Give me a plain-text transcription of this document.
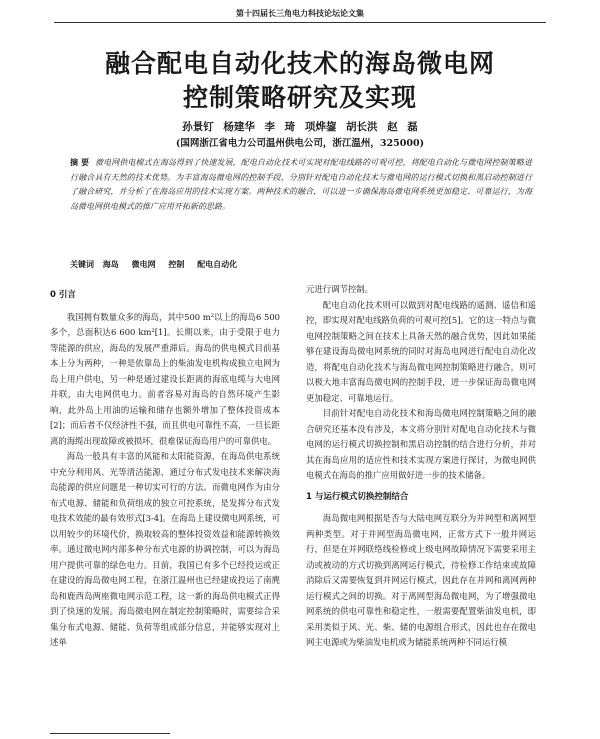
第十四届长三角电力科技论坛论文集
融合配电自动化技术的海岛微电网
控制策略研究及实现
孙景钉 杨建华 李 琦 项烨鋆 胡长洪 赵 磊
(国网浙江省电力公司温州供电公司，浙江温州，325000)
摘 要 微电网供电模式在海岛得到了快速发展，配电自动化技术可实现对配电线路的可观可控，将配电自动化与微电网控制策略进行融合具有天然的技术优势。为丰富海岛微电网的控制手段，分别针对配电自动化技术与微电网的运行模式切换和黑启动控制进行了融合研究，并分析了在海岛应用的技术实现方案。两种技术的融合，可以进一步确保海岛微电网系统更加稳定、可靠运行，为海岛微电网供电模式的推广应用开拓新的思路。
关键词 海岛 微电网 控制 配电自动化
0 引言

我国拥有数量众多的海岛，其中500 m²以上的海岛6 500多个，总面积达6 600 km²[1]。长期以来，由于受限于电力等能源的供应，海岛的发展严重滞后。海岛的供电模式目前基本上分为两种，一种是依靠岛上的柴油发电机构成独立电网为岛上用户供电，另一种是通过建设长距离的海底电缆与大电网并联，由大电网供电力。前者容易对海岛的自然环境产生影响，此外岛上用油的运输和储存也额外增加了整体投资成本[2]；而后者不仅经济性不强，而且供电可靠性不高，一旦长距离的海缆出现故障或被损坏，很难保证海岛用户的可靠供电。

海岛一般具有丰富的风能和太阳能资源，在海岛供电系统中充分利用风、光等清洁能源，通过分布式发电技术来解决海岛能源的供应问题是一种切实可行的方法。而微电网作为由分布式电源、储能和负荷组成的独立可控系统，是发挥分布式发电技术效能的最有效形式[3-4]。在海岛上建设微电网系统，可以用较少的环境代价，换取较高的整体投资效益和能源转换效率。通过微电网内部多种分布式电源的协调控制，可以为海岛用户提供可靠的绿色电力。目前，我国已有多个已经投运或正在建设的海岛微电网工程，在浙江温州也已经建成投运了南麂岛和鹿西岛两座微电网示范工程，这一新的海岛供电模式正得到了快速的发展。海岛微电网在制定控制策略时，需要综合采集分布式电源、储能、负荷等组成部分信息，并能够实现对上述单

元进行调节控制。

配电自动化技术则可以做到对配电线路的遥测、遥信和遥控，即实现对配电线路负荷的可观可控[5]。它的这一特点与微电网控制策略之间在技术上具备天然的融合优势，因此如果能够在建设海岛微电网系统的同时对海岛电网进行配电自动化改造，将配电自动化技术与海岛微电网控制策略进行融合，则可以极大地丰富海岛微电网的控制手段，进一步保证海岛微电网更加稳定、可靠地运行。

目前针对配电自动化技术和海岛微电网控制策略之间的融合研究还基本没有涉及，本文将分别针对配电自动化技术与微电网的运行模式切换控制和黑启动控制的结合进行分析，并对其在海岛应用的适应性和技术实现方案进行探讨，为微电网供电模式在海岛的推广应用做好进一步的技术储备。

1 与运行模式切换控制结合

海岛微电网根据是否与大陆电网互联分为并网型和离网型两种类型。对于并网型海岛微电网，正常方式下一般并网运行，但是在并网联络线检修或上级电网故障情况下需要采用主动或被动的方式切换到离网运行模式，待检修工作结束或故障消除后又需要恢复到并网运行模式，因此存在并网和离网两种运行模式之间的切换。对于离网型海岛微电网，为了增强微电网系统的供电可靠性和稳定性，一般需要配置柴油发电机，即采用类似于风、光、柴、储的电源组合形式，因此也存在微电网主电源或为柴油发电机或为储能系统两种不同运行模
